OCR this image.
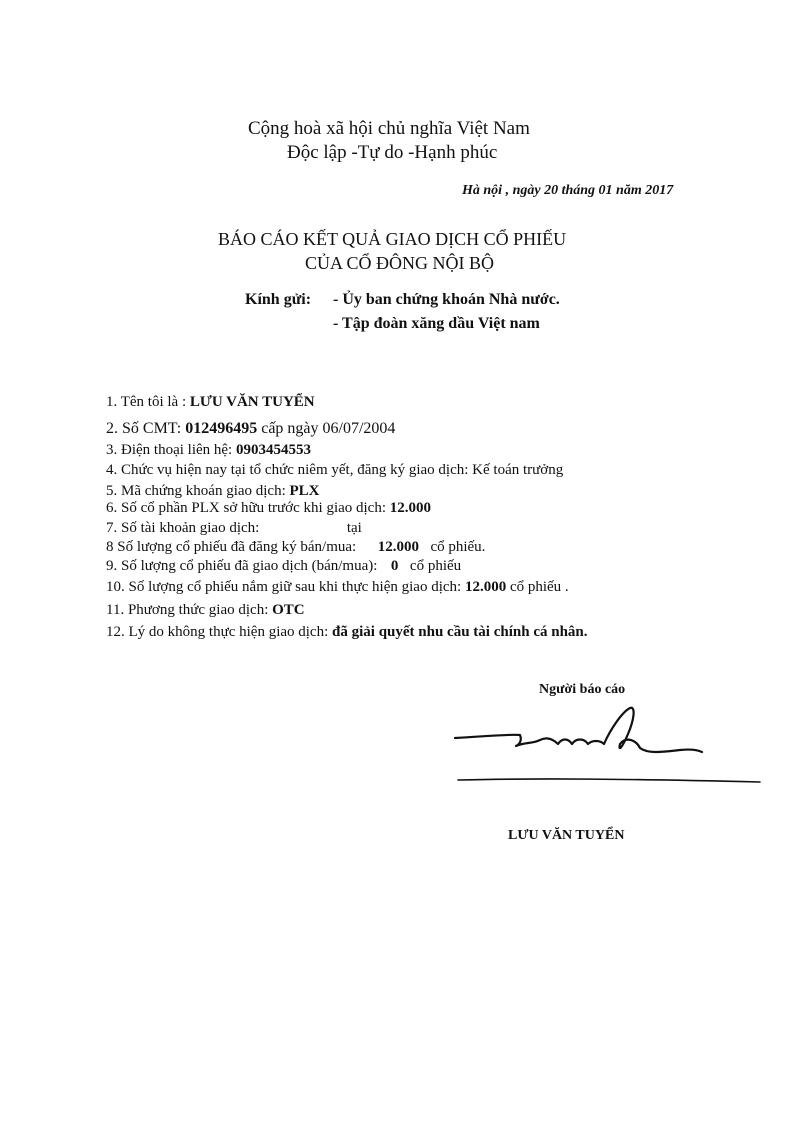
Cộng hoà xã hội chủ nghĩa Việt Nam
Độc lập -Tự do -Hạnh phúc
Hà nội , ngày 20 tháng 01 năm 2017
BÁO CÁO KẾT QUẢ GIAO DỊCH CỔ PHIẾU
CỦA CỔ ĐÔNG NỘI BỘ
Kính gửi: - Ủy ban chứng khoán Nhà nước.
- Tập đoàn xăng dầu Việt nam
1. Tên tôi là : LƯU VĂN TUYỂN
2. Số CMT: 012496495 cấp ngày 06/07/2004
3. Điện thoại liên hệ: 0903454553
4. Chức vụ hiện nay tại tổ chức niêm yết, đăng ký giao dịch: Kế toán trưởng
5. Mã chứng khoán giao dịch: PLX
6. Số cổ phần PLX sở hữu trước khi giao dịch: 12.000
7. Số tài khoản giao dịch:	tại
8 Số lượng cổ phiếu đã đăng ký bán/mua: 12.000 cổ phiếu.
9. Số lượng cổ phiếu đã giao dịch (bán/mua): 0 cổ phiếu
10. Số lượng cổ phiếu nắm giữ sau khi thực hiện giao dịch: 12.000 cổ phiếu .
11. Phương thức giao dịch: OTC
12. Lý do không thực hiện giao dịch: đã giải quyết nhu cầu tài chính cá nhân.
Người báo cáo
LƯU VĂN TUYỂN
